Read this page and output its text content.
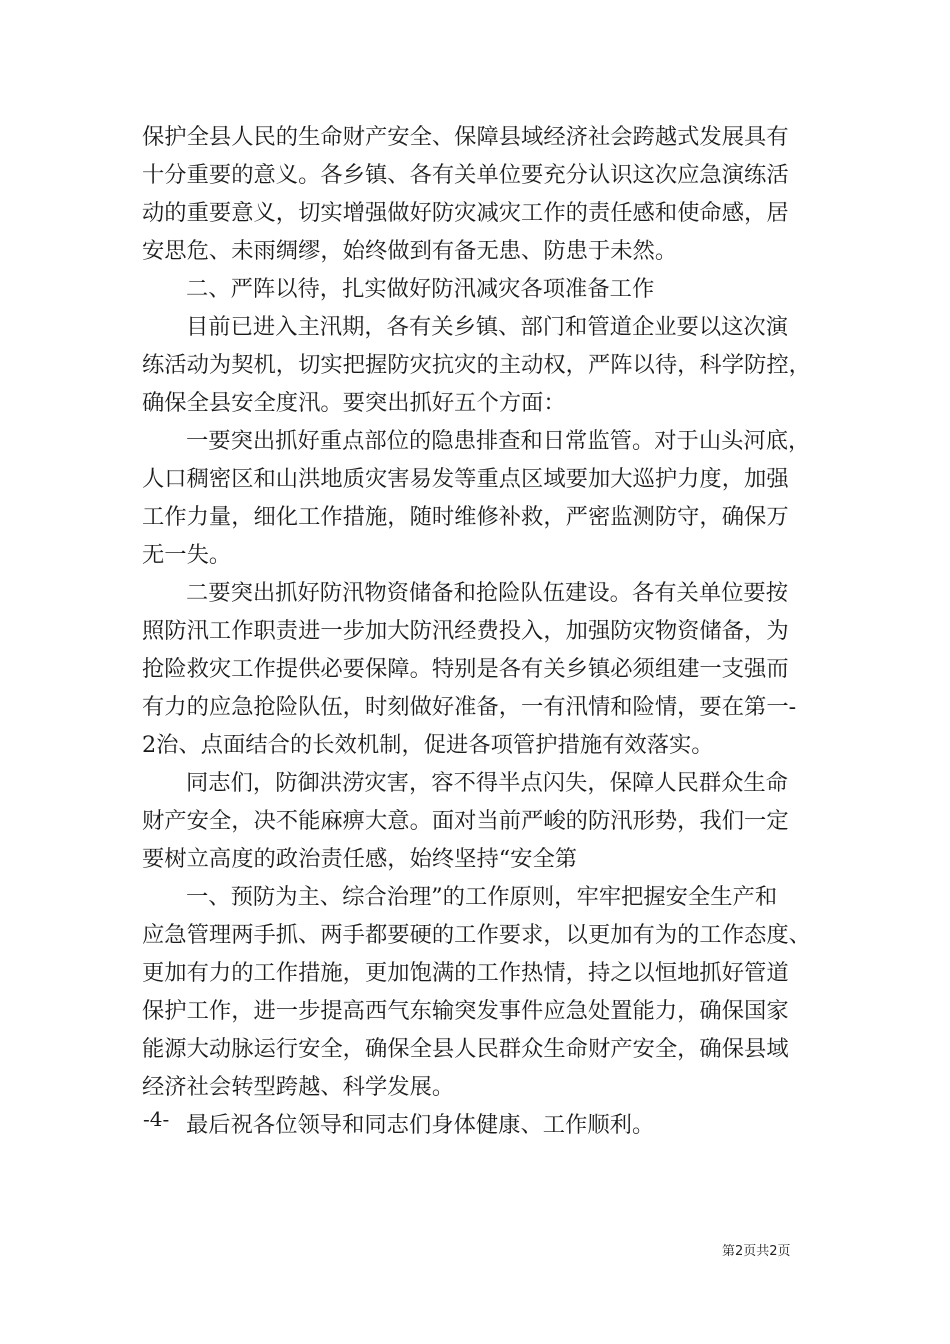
保护全县人民的生命财产安全、保障县域经济社会跨越式发展具有
十分重要的意义。各乡镇、各有关单位要充分认识这次应急演练活
动的重要意义，切实增强做好防灾减灾工作的责任感和使命感，居
安思危、未雨绸缪，始终做到有备无患、防患于未然。
二、严阵以待，扎实做好防汛减灾各项准备工作
目前已进入主汛期，各有关乡镇、部门和管道企业要以这次演
练活动为契机，切实把握防灾抗灾的主动权，严阵以待，科学防控，
确保全县安全度汛。要突出抓好五个方面：
一要突出抓好重点部位的隐患排查和日常监管。对于山头河底，
人口稠密区和山洪地质灾害易发等重点区域要加大巡护力度，加强
工作力量，细化工作措施，随时维修补救，严密监测防守，确保万
无一失。
二要突出抓好防汛物资储备和抢险队伍建设。各有关单位要按
照防汛工作职责进一步加大防汛经费投入，加强防灾物资储备，为
抢险救灾工作提供必要保障。特别是各有关乡镇必须组建一支强而
有力的应急抢险队伍，时刻做好准备，一有汛情和险情，要在第一-
2治、点面结合的长效机制，促进各项管护措施有效落实。
同志们，防御洪涝灾害，容不得半点闪失，保障人民群众生命
财产安全，决不能麻痹大意。面对当前严峻的防汛形势，我们一定
要树立高度的政治责任感，始终坚持“安全第
一、预防为主、综合治理”的工作原则，牢牢把握安全生产和
应急管理两手抓、两手都要硬的工作要求，以更加有为的工作态度、
更加有力的工作措施，更加饱满的工作热情，持之以恒地抓好管道
保护工作，进一步提高西气东输突发事件应急处置能力，确保国家
能源大动脉运行安全，确保全县人民群众生命财产安全，确保县域
经济社会转型跨越、科学发展。
最后祝各位领导和同志们身体健康、工作顺利。
-4-
第2页共2页
